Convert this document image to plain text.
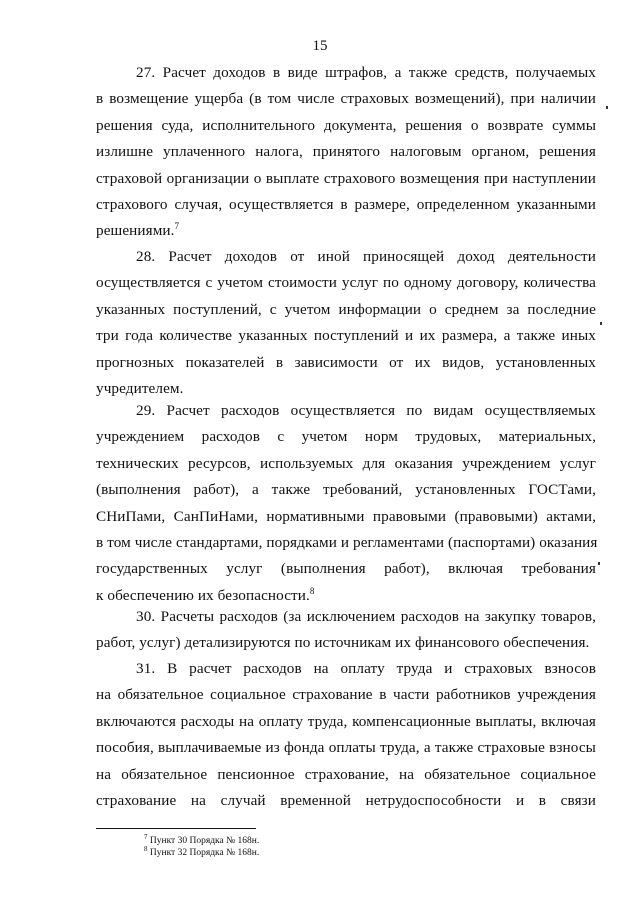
15
27. Расчет доходов в виде штрафов, а также средств, получаемых
в возмещение ущерба (в том числе страховых возмещений), при наличии
решения суда, исполнительного документа, решения о возврате суммы
излишне уплаченного налога, принятого налоговым органом, решения
страховой организации о выплате страхового возмещения при наступлении
страхового случая, осуществляется в размере, определенном указанными
решениями.$^7$
28. Расчет доходов от иной приносящей доход деятельности
осуществляется с учетом стоимости услуг по одному договору, количества
указанных поступлений, с учетом информации о среднем за последние
три года количестве указанных поступлений и их размера, а также иных
прогнозных показателей в зависимости от их видов, установленных
учредителем.
29. Расчет расходов осуществляется по видам осуществляемых
учреждением расходов с учетом норм трудовых, материальных,
технических ресурсов, используемых для оказания учреждением услуг
(выполнения работ), а также требований, установленных ГОСТами,
СНиПами, СанПиНами, нормативными правовыми (правовыми) актами,
в том числе стандартами, порядками и регламентами (паспортами) оказания
государственных услуг (выполнения работ), включая требования
к обеспечению их безопасности.$^8$
30. Расчеты расходов (за исключением расходов на закупку товаров,
работ, услуг) детализируются по источникам их финансового обеспечения.
31. В расчет расходов на оплату труда и страховых взносов
на обязательное социальное страхование в части работников учреждения
включаются расходы на оплату труда, компенсационные выплаты, включая
пособия, выплачиваемые из фонда оплаты труда, а также страховые взносы
на обязательное пенсионное страхование, на обязательное социальное
страхование на случай временной нетрудоспособности и в связи
$^7$ Пункт 30 Порядка № 168н.
$^8$ Пункт 32 Порядка № 168н.
